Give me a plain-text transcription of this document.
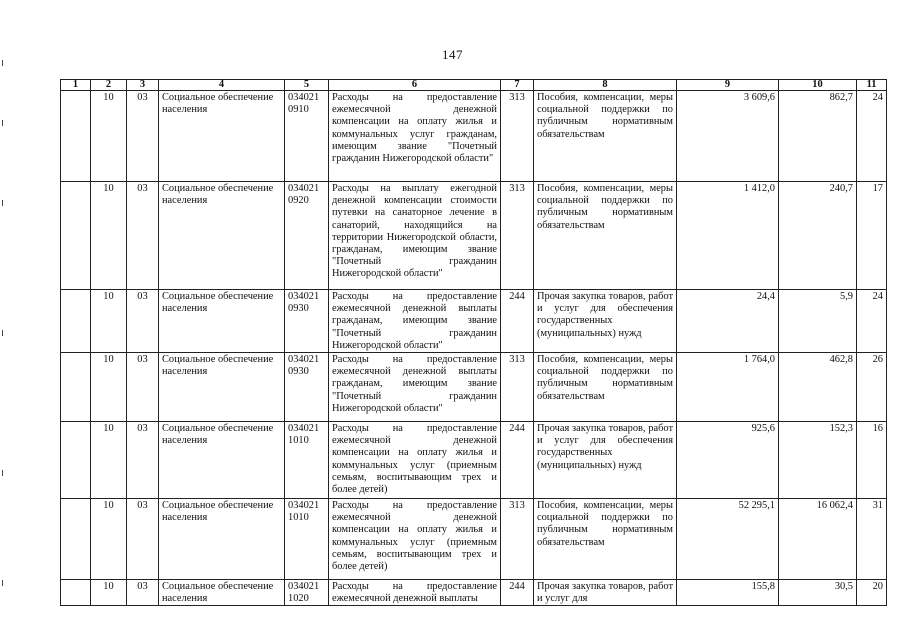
147
1	2	3	4	5	6	7	8	9	10	11
	10	03	Социальное обеспечение населения	034021 0910	Расходы на предоставление ежемесячной денежной компенсации на оплату жилья и коммунальных услуг гражданам, имеющим звание "Почетный гражданин Нижегородской области"	313	Пособия, компенсации, меры социальной поддержки по публичным нормативным обязательствам	3 609,6	862,7	24
	10	03	Социальное обеспечение населения	034021 0920	Расходы на выплату ежегодной денежной компенсации стоимости путевки на санаторное лечение в санаторий, находящийся на территории Нижегородской области, гражданам, имеющим звание "Почетный гражданин Нижегородской области"	313	Пособия, компенсации, меры социальной поддержки по публичным нормативным обязательствам	1 412,0	240,7	17
	10	03	Социальное обеспечение населения	034021 0930	Расходы на предоставление ежемесячной денежной выплаты гражданам, имеющим звание "Почетный гражданин Нижегородской области"	244	Прочая закупка товаров, работ и услуг для обеспечения государственных (муниципальных) нужд	24,4	5,9	24
	10	03	Социальное обеспечение населения	034021 0930	Расходы на предоставление ежемесячной денежной выплаты гражданам, имеющим звание "Почетный гражданин Нижегородской области"	313	Пособия, компенсации, меры социальной поддержки по публичным нормативным обязательствам	1 764,0	462,8	26
	10	03	Социальное обеспечение населения	034021 1010	Расходы на предоставление ежемесячной денежной компенсации на оплату жилья и коммунальных услуг (приемным семьям, воспитывающим трех и более детей)	244	Прочая закупка товаров, работ и услуг для обеспечения государственных (муниципальных) нужд	925,6	152,3	16
	10	03	Социальное обеспечение населения	034021 1010	Расходы на предоставление ежемесячной денежной компенсации на оплату жилья и коммунальных услуг (приемным семьям, воспитывающим трех и более детей)	313	Пособия, компенсации, меры социальной поддержки по публичным нормативным обязательствам	52 295,1	16 062,4	31
	10	03	Социальное обеспечение населения	034021 1020	Расходы на предоставление ежемесячной денежной выплаты	244	Прочая закупка товаров, работ и услуг для	155,8	30,5	20
